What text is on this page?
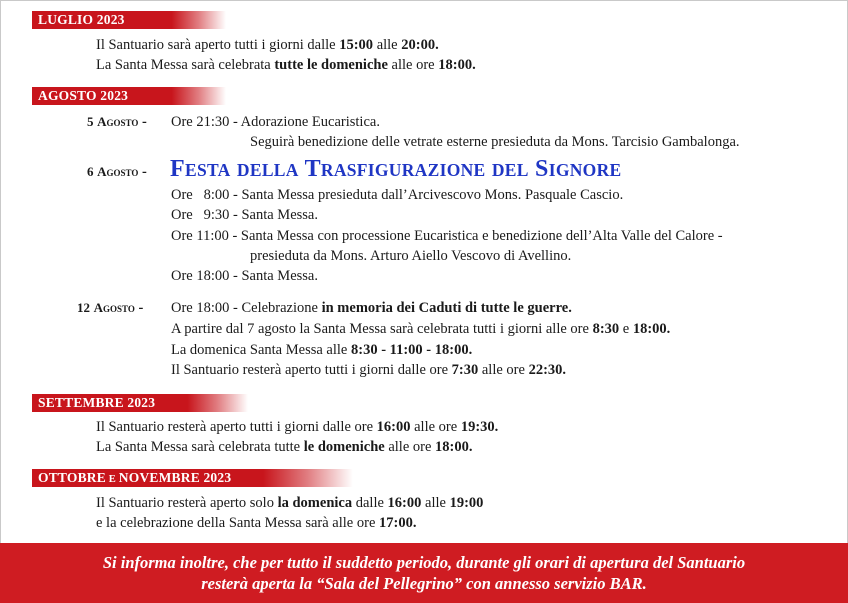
LUGLIO 2023
Il Santuario sarà aperto tutti i giorni dalle 15:00 alle 20:00.
La Santa Messa sarà celebrata tutte le domeniche alle ore 18:00.
AGOSTO 2023
5 Agosto - Ore 21:30 - Adorazione Eucaristica.
Seguirà benedizione delle vetrate esterne presieduta da Mons. Tarcisio Gambalonga.
6 Agosto - FESTA DELLA TRASFIGURAZIONE DEL SIGNORE
Ore   8:00 - Santa Messa presieduta dall’Arcivescovo Mons. Pasquale Cascio.
Ore   9:30 - Santa Messa.
Ore 11:00 - Santa Messa con processione Eucaristica e benedizione dell’Alta Valle del Calore -
presieduta da Mons. Arturo Aiello Vescovo di Avellino.
Ore 18:00 - Santa Messa.
12 Agosto - Ore 18:00 - Celebrazione in memoria dei Caduti di tutte le guerre.
A partire dal 7 agosto la Santa Messa sarà celebrata tutti i giorni alle ore 8:30 e 18:00.
La domenica Santa Messa alle 8:30 - 11:00 - 18:00.
Il Santuario resterà aperto tutti i giorni dalle ore 7:30 alle ore 22:30.
SETTEMBRE 2023
Il Santuario resterà aperto tutti i giorni dalle ore 16:00 alle ore 19:30.
La Santa Messa sarà celebrata tutte le domeniche alle ore 18:00.
OTTOBRE E NOVEMBRE 2023
Il Santuario resterà aperto solo la domenica dalle 16:00 alle 19:00
e la celebrazione della Santa Messa sarà alle ore 17:00.
Si informa inoltre, che per tutto il suddetto periodo, durante gli orari di apertura del Santuario
resterà aperta la “Sala del Pellegrino” con annesso servizio BAR.
